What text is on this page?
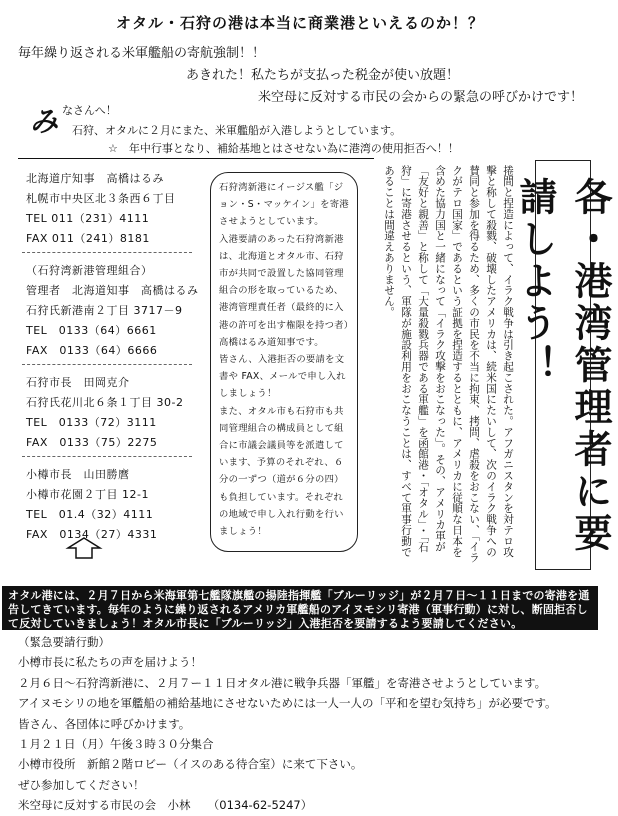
オタル・石狩の港は本当に商業港といえるのか！？
毎年繰り返される米軍艦船の寄航強制！！
あきれた！私たちが支払った税金が使い放題！
米空母に反対する市民の会からの緊急の呼びかけです！
み なさんへ！
石狩、オタルに２月にまた、米軍艦船が入港しようとしています。
☆　年中行事となり、補給基地とはさせない為に港湾の使用拒否へ！！
北海道庁知事　高橋はるみ
札幌市中央区北３条西６丁目
TEL 011（231）4111
FAX 011（241）8181
（石狩湾新港管理組合）
管理者　北海道知事　高橋はるみ
石狩氏新港南２丁目 3717－9
TEL　0133（64）6661
FAX　0133（64）6666
石狩市長　田岡克介
石狩氏花川北６条１丁目 30-2
TEL　0133（72）3111
FAX　0133（75）2275
小樽市長　山田勝麿
小樽市花園２丁目 12-1
TEL　01.4（32）4111
FAX　0134（27）4331

石狩湾新港にイージス艦「ジョン・S・マッケイン」を寄港させようとしています。

入港要請のあった石狩湾新港は、北海道とオタル市、石狩市が共同で設置した協同管理組合の形を取っているため、港湾管理責任者（最終的に入港の許可を出す権限を持つ者）高橋はるみ道知事です。

皆さん、入港拒否の要請を文書や FAX、メールで申し入れしましょう！

また、オタル市も石狩市も共同管理組合の構成員として組合に市議会議員等を派遣しています、予算のそれぞれ、６分の一ずつ（道が６分の四）も負担しています。それぞれの地域で申し入れ行動を行いましょう！	捲間と捏造によって、イラク戦争は引き起こされた。アフガニスタンを対テロ攻撃と称して殺戮、破壊したアメリカは、続米国にたいして、次のイラク戦争への賛同と参加を得るため、多くの市民を不当に拘束、拷問、虐殺をおこない、「イラクがテロ国家」であるという証拠を捏造するとともに、アメリカに従順な日本を含めた協力国と一緒になって「イラク攻撃をおこなった」。その、アメリカ軍が「友好と親善」と称して「大量殺戮兵器である軍艦」を函館港・「オタル」・「石狩」に寄港させるという、軍隊が施設利用をおこなうことは、すべて軍事行動であることは間違えありません。	各・港湾管理者に要請しよう！

オタル港には、２月７日から米海軍第七艦隊旗艦の揚陸指揮艦「ブルーリッジ」が２月７日～１１日までの寄港を通告してきています。毎年のように繰り返されるアメリカ軍艦船のアイヌモシリ寄港（軍事行動）に対し、断固拒否して反対していきましょう！オタル市長に「ブルーリッジ」入港拒否を要請するよう要請してください。

（緊急要請行動）

小樽市長に私たちの声を届けよう！

２月６日～石狩湾新港に、２月７ー１１日オタル港に戦争兵器「軍艦」を寄港させようとしています。

アイヌモシリの地を軍艦船の補給基地にさせないためには一人一人の「平和を望む気持ち」が必要です。

皆さん、各団体に呼びかけます。

１月２１日（月）午後３時３０分集合

小樽市役所　新館２階ロビー（イスのある待合室）に来て下さい。

ぜひ参加してください！

米空母に反対する市民の会　小林　　（0134-62-5247）
